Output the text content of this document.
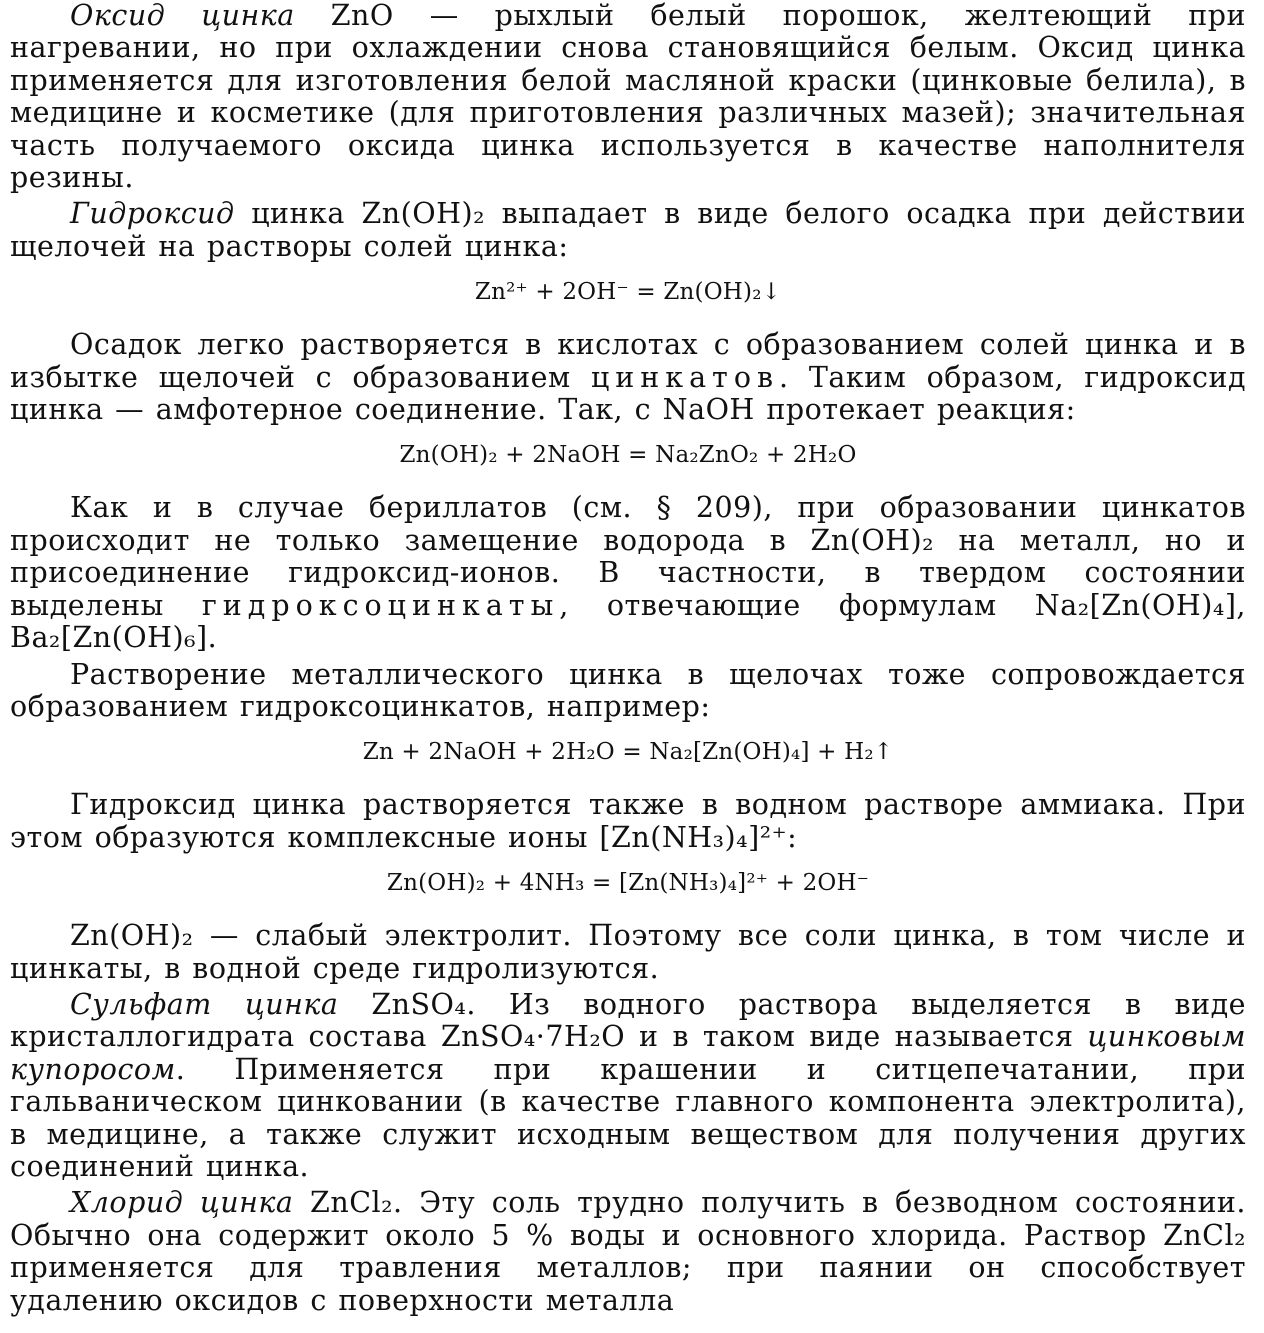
Оксид цинка ZnO — рыхлый белый порошок, желтеющий при нагревании, но при охлаждении снова становящийся белым. Оксид цинка применяется для изготовления белой масляной краски (цинковые белила), в медицине и косметике (для приготовления различных мазей); значительная часть получаемого оксида цинка используется в качестве наполнителя резины.

Гидроксид цинка Zn(OH)₂ выпадает в виде белого осадка при действии щелочей на растворы солей цинка:

Zn²⁺ + 2OH⁻ = Zn(OH)₂↓

Осадок легко растворяется в кислотах с образованием солей цинка и в избытке щелочей с образованием цинкатов. Таким образом, гидроксид цинка — амфотерное соединение. Так, с NaOH протекает реакция:

Zn(OH)₂ + 2NaOH = Na₂ZnO₂ + 2H₂O

Как и в случае бериллатов (см. § 209), при образовании цинкатов происходит не только замещение водорода в Zn(OH)₂ на металл, но и присоединение гидроксид-ионов. В частности, в твердом состоянии выделены гидроксоцинкаты, отвечающие формулам Na₂[Zn(OH)₄], Ba₂[Zn(OH)₆].

Растворение металлического цинка в щелочах тоже сопровождается образованием гидроксоцинкатов, например:

Zn + 2NaOH + 2H₂O = Na₂[Zn(OH)₄] + H₂↑

Гидроксид цинка растворяется также в водном растворе аммиака. При этом образуются комплексные ионы [Zn(NH₃)₄]²⁺:

Zn(OH)₂ + 4NH₃ = [Zn(NH₃)₄]²⁺ + 2OH⁻

Zn(OH)₂ — слабый электролит. Поэтому все соли цинка, в том числе и цинкаты, в водной среде гидролизуются.

Сульфат цинка ZnSO₄. Из водного раствора выделяется в виде кристаллогидрата состава ZnSO₄·7H₂O и в таком виде называется цинковым купоросом. Применяется при крашении и ситцепечатании, при гальваническом цинковании (в качестве главного компонента электролита), в медицине, а также служит исходным веществом для получения других соединений цинка.

Хлорид цинка ZnCl₂. Эту соль трудно получить в безводном состоянии. Обычно она содержит около 5 % воды и основного хлорида. Раствор ZnCl₂ применяется для травления металлов; при паянии он способствует удалению оксидов с поверхности металла
